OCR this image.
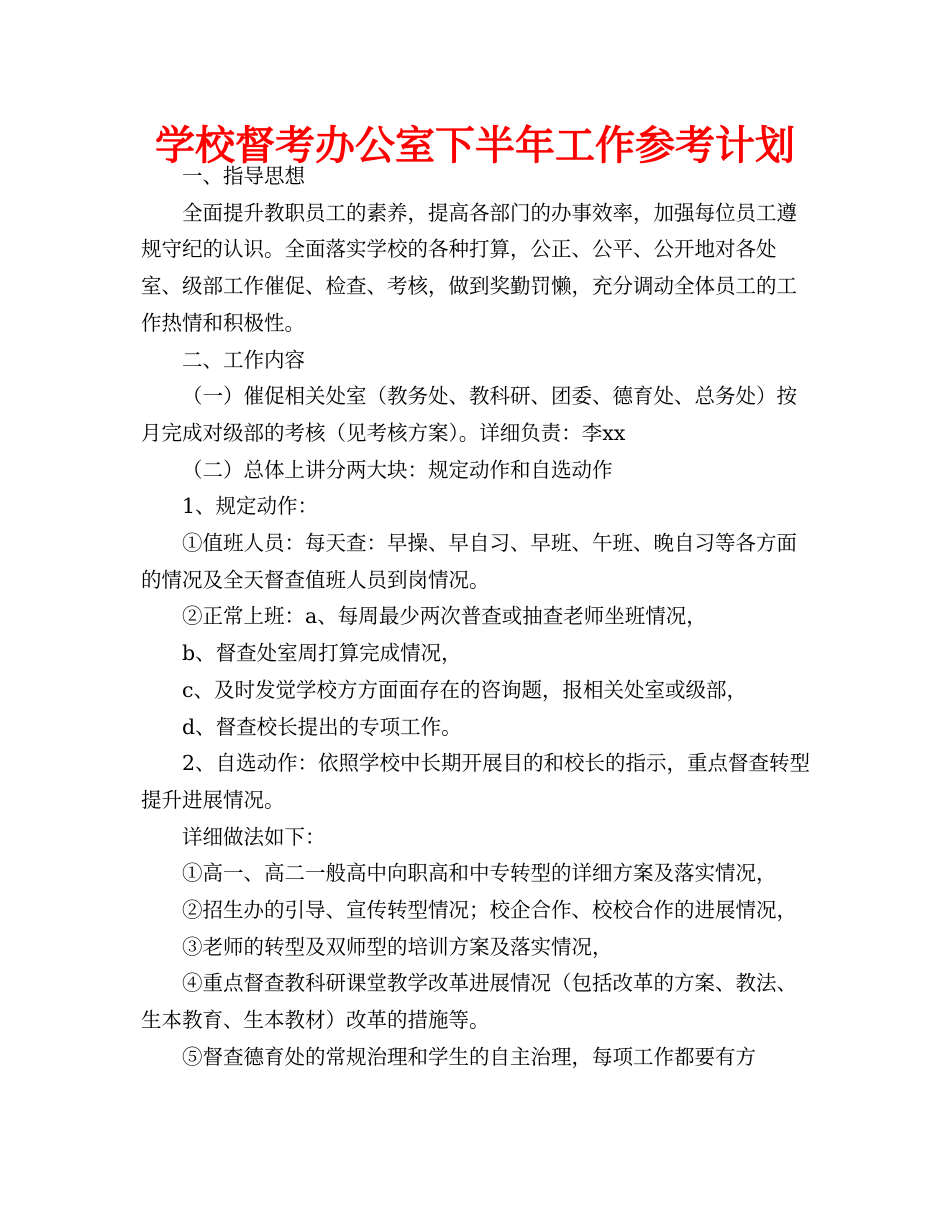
学校督考办公室下半年工作参考计划

一、指导思想

全面提升教职员工的素养，提高各部门的办事效率，加强每位员工遵规守纪的认识。全面落实学校的各种打算，公正、公平、公开地对各处室、级部工作催促、检查、考核，做到奖勤罚懒，充分调动全体员工的工作热情和积极性。

二、工作内容

（一）催促相关处室（教务处、教科研、团委、德育处、总务处）按月完成对级部的考核（见考核方案）。详细负责：李xx

（二）总体上讲分两大块：规定动作和自选动作

1、规定动作：

①值班人员：每天查：早操、早自习、早班、午班、晚自习等各方面的情况及全天督查值班人员到岗情况。

②正常上班：a、每周最少两次普查或抽查老师坐班情况，

b、督查处室周打算完成情况，

c、及时发觉学校方方面面存在的咨询题，报相关处室或级部，

d、督查校长提出的专项工作。

2、自选动作：依照学校中长期开展目的和校长的指示，重点督查转型提升进展情况。

详细做法如下：

①高一、高二一般高中向职高和中专转型的详细方案及落实情况，

②招生办的引导、宣传转型情况；校企合作、校校合作的进展情况，

③老师的转型及双师型的培训方案及落实情况，

④重点督查教科研课堂教学改革进展情况（包括改革的方案、教法、生本教育、生本教材）改革的措施等。

⑤督查德育处的常规治理和学生的自主治理，每项工作都要有方
